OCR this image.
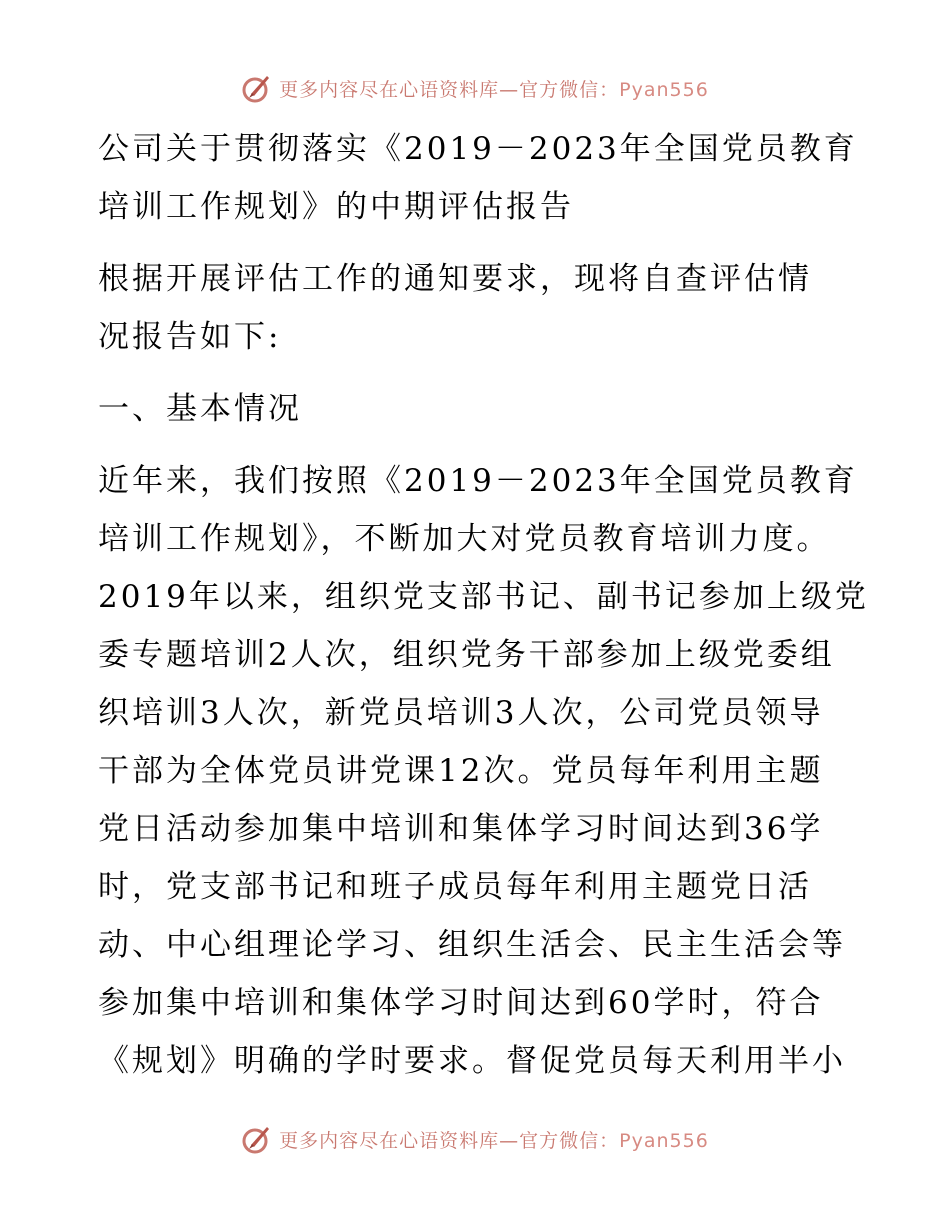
更多内容尽在心语资料库—官方微信：Pyan556
公司关于贯彻落实《2019－2023年全国党员教育
培训工作规划》的中期评估报告
根据开展评估工作的通知要求，现将自查评估情
况报告如下:
一、基本情况
近年来，我们按照《2019－2023年全国党员教育
培训工作规划》，不断加大对党员教育培训力度。
2019年以来，组织党支部书记、副书记参加上级党
委专题培训2人次，组织党务干部参加上级党委组
织培训3人次，新党员培训3人次，公司党员领导
干部为全体党员讲党课12次。党员每年利用主题
党日活动参加集中培训和集体学习时间达到36学
时，党支部书记和班子成员每年利用主题党日活
动、中心组理论学习、组织生活会、民主生活会等
参加集中培训和集体学习时间达到60学时，符合
《规划》明确的学时要求。督促党员每天利用半小
更多内容尽在心语资料库—官方微信：Pyan556
